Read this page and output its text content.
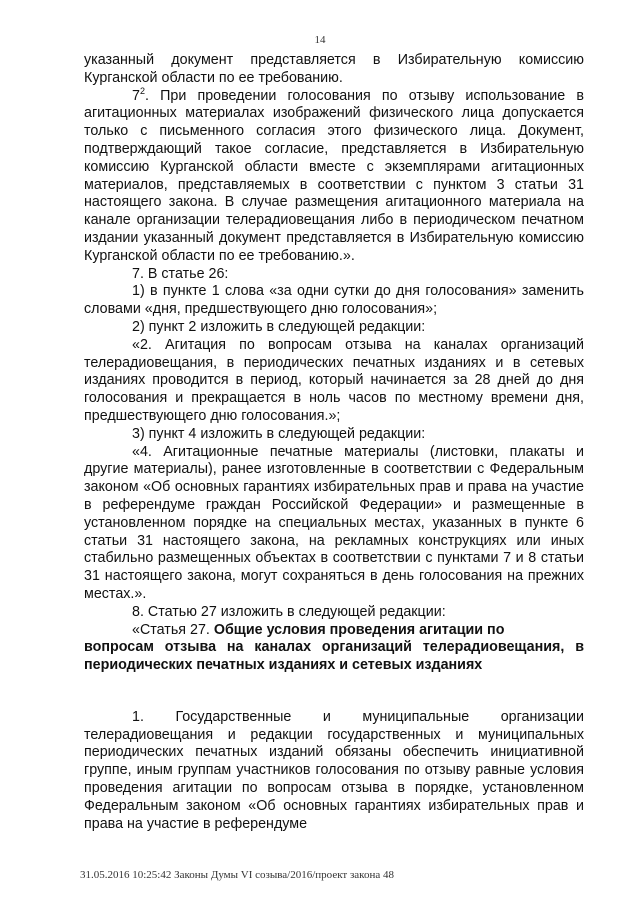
14

указанный документ представляется в Избирательную комиссию Курганской области по ее требованию.

$7^2$. При проведении голосования по отзыву использование в агитационных материалах изображений физического лица допускается только с письменного согласия этого физического лица. Документ, подтверждающий такое согласие, представляется в Избирательную комиссию Курганской области вместе с экземплярами агитационных материалов, представляемых в соответствии с пунктом 3 статьи 31 настоящего закона. В случае размещения агитационного материала на канале организации телерадиовещания либо в периодическом печатном издании указанный документ представляется в Избирательную комиссию Курганской области по ее требованию.».

7. В статье 26:

1) в пункте 1 слова «за одни сутки до дня голосования» заменить словами «дня, предшествующего дню голосования»;

2) пункт 2 изложить в следующей редакции:

«2. Агитация по вопросам отзыва на каналах организаций телерадиовещания, в периодических печатных изданиях и в сетевых изданиях проводится в период, который начинается за 28 дней до дня голосования и прекращается в ноль часов по местному времени дня, предшествующего дню голосования.»;

3) пункт 4 изложить в следующей редакции:

«4. Агитационные печатные материалы (листовки, плакаты и другие материалы), ранее изготовленные в соответствии с Федеральным законом «Об основных гарантиях избирательных прав и права на участие в референдуме граждан Российской Федерации» и размещенные в установленном порядке на специальных местах, указанных в пункте 6 статьи 31 настоящего закона, на рекламных конструкциях или иных стабильно размещенных объектах в соответствии с пунктами 7 и 8 статьи 31 настоящего закона, могут сохраняться в день голосования на прежних местах.».

8. Статью 27 изложить в следующей редакции:

«Статья 27. Общие условия проведения агитации по

вопросам отзыва на каналах организаций телерадиовещания, в периодических печатных изданиях и сетевых изданиях

1. Государственные и муниципальные организации телерадиовещания и редакции государственных и муниципальных периодических печатных изданий обязаны обеспечить инициативной группе, иным группам участников голосования по отзыву равные условия проведения агитации по вопросам отзыва в порядке, установленном Федеральным законом «Об основных гарантиях избирательных прав и права на участие в референдуме

31.05.2016 10:25:42 Законы Думы VI созыва/2016/проект закона 48
